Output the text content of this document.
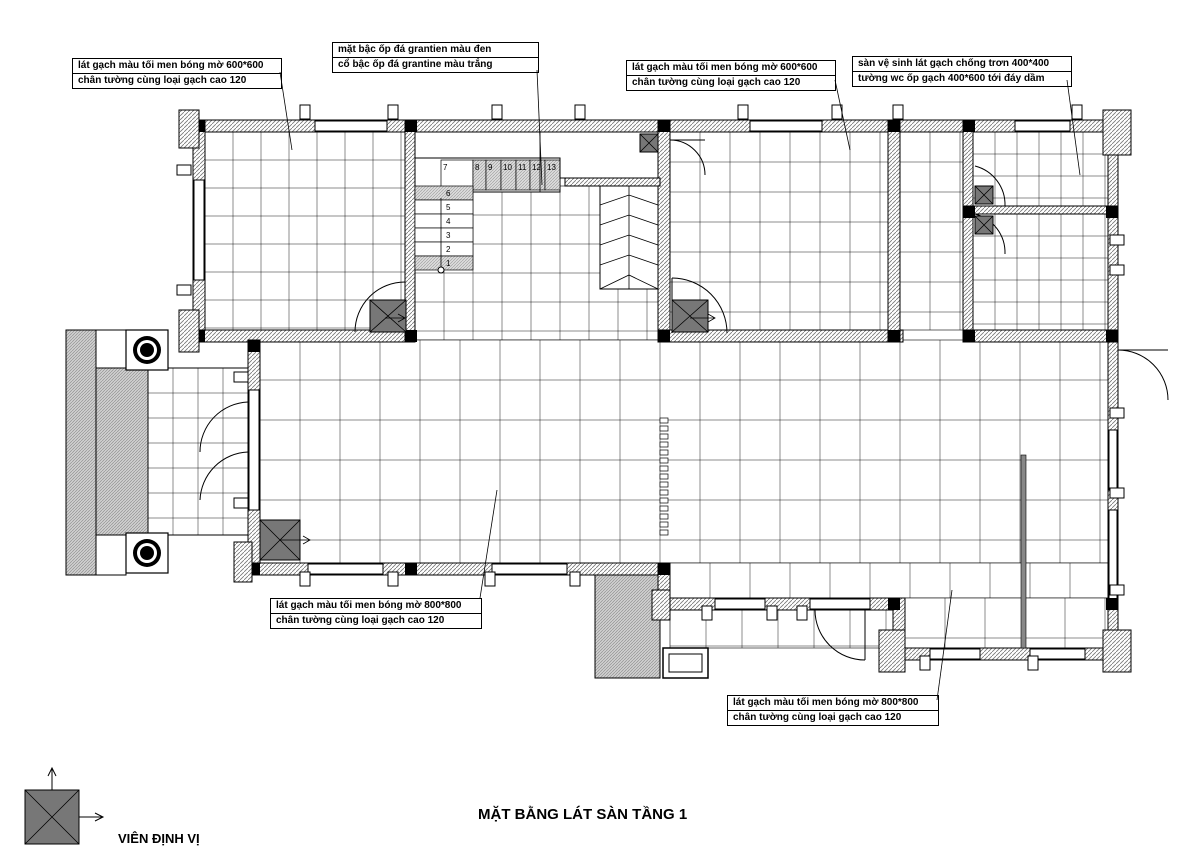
7	8 9 10 11 12 13
6
5
4
3
2
1
lát gạch màu tối men bóng mờ 600*600
chân tường cùng loại gạch cao 120
mặt bậc ốp đá grantien màu đen
cổ bậc ốp đá grantine màu trắng	lát gạch màu tối men bóng mờ 600*600
chân tường cùng loại gạch cao 120
sàn vệ sinh lát gạch chống trơn 400*400
tường wc ốp gạch 400*600 tới đáy dầm
lát gạch màu tối men bóng mờ 800*800
chân tường cùng loại gạch cao 120
lát gạch màu tối men bóng mờ 800*800
chân tường cùng loại gạch cao 120
MẶT BẰNG LÁT SÀN TẦNG 1
VIÊN ĐỊNH VỊ
